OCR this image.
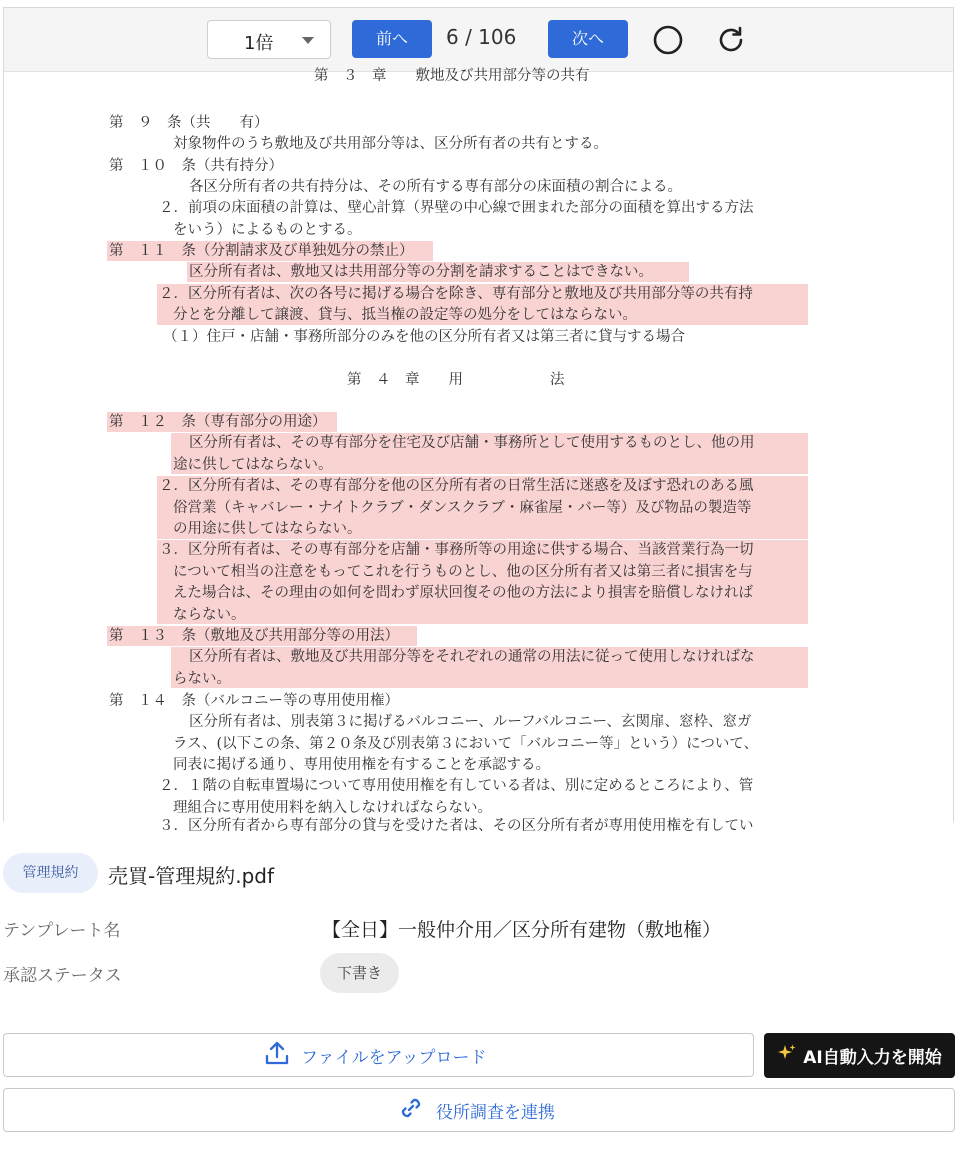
1倍	前へ	6 / 106	次へ
第　３　章　　敷地及び共用部分等の共有
第　９　条（共　　有）
対象物件のうち敷地及び共用部分等は、区分所有者の共有とする。
第　１０　条（共有持分）
各区分所有者の共有持分は、その所有する専有部分の床面積の割合による。
２．前項の床面積の計算は、壁心計算（界壁の中心線で囲まれた部分の面積を算出する方法
をいう）によるものとする。
第　１１　条（分割請求及び単独処分の禁止）
区分所有者は、敷地又は共用部分等の分割を請求することはできない。
２．区分所有者は、次の各号に掲げる場合を除き、専有部分と敷地及び共用部分等の共有持
分とを分離して譲渡、貸与、抵当権の設定等の処分をしてはならない。
（１）住戸・店舗・事務所部分のみを他の区分所有者又は第三者に貸与する場合
第　４　章　　用　　　　　　法
第　１２　条（専有部分の用途）
区分所有者は、その専有部分を住宅及び店舗・事務所として使用するものとし、他の用
途に供してはならない。
２．区分所有者は、その専有部分を他の区分所有者の日常生活に迷惑を及ぼす恐れのある風
俗営業（キャバレー・ナイトクラブ・ダンスクラブ・麻雀屋・バー等）及び物品の製造等
の用途に供してはならない。
３．区分所有者は、その専有部分を店舗・事務所等の用途に供する場合、当該営業行為一切
について相当の注意をもってこれを行うものとし、他の区分所有者又は第三者に損害を与
えた場合は、その理由の如何を問わず原状回復その他の方法により損害を賠償しなければ
ならない。
第　１３　条（敷地及び共用部分等の用法）
区分所有者は、敷地及び共用部分等をそれぞれの通常の用法に従って使用しなければな
らない。
第　１４　条（バルコニー等の専用使用権）
区分所有者は、別表第３に掲げるバルコニー、ルーフバルコニー、玄関扉、窓枠、窓ガ
ラス、(以下この条、第２０条及び別表第３において「バルコニー等」という）について、
同表に掲げる通り、専用使用権を有することを承認する。
２．１階の自転車置場について専用使用権を有している者は、別に定めるところにより、管
理組合に専用使用料を納入しなければならない。
３．区分所有者から専有部分の貸与を受けた者は、その区分所有者が専用使用権を有してい
管理規約	売買-管理規約.pdf
テンプレート名	【全日】一般仲介用／区分所有建物（敷地権）
承認ステータス	下書き
ファイルをアップロード	AI自動入力を開始
役所調査を連携
